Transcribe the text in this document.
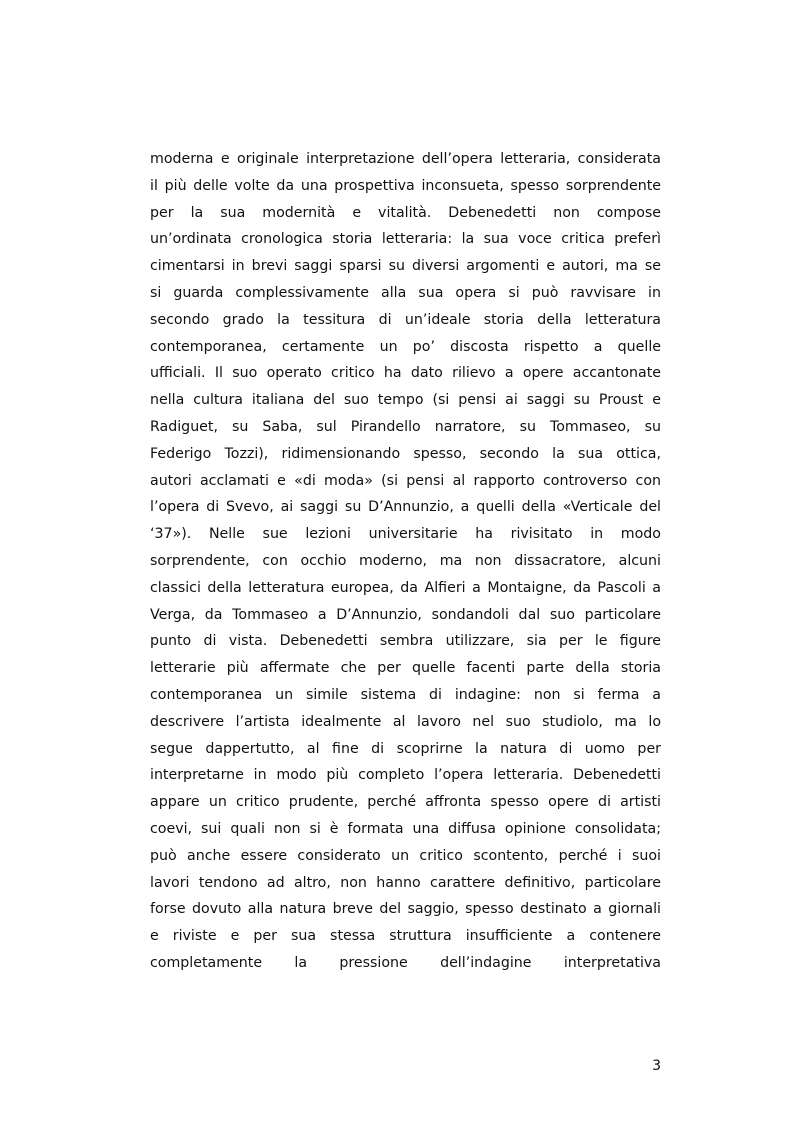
moderna e originale interpretazione dell’opera letteraria, considerata
il più delle volte da una prospettiva inconsueta, spesso sorprendente
per la sua modernità e vitalità. Debenedetti non compose
un’ordinata cronologica storia letteraria: la sua voce critica preferì
cimentarsi in brevi saggi sparsi su diversi argomenti e autori, ma se
si guarda complessivamente alla sua opera si può ravvisare in
secondo grado la tessitura di un’ideale storia della letteratura
contemporanea, certamente un po’ discosta rispetto a quelle
ufficiali. Il suo operato critico ha dato rilievo a opere accantonate
nella cultura italiana del suo tempo (si pensi ai saggi su Proust e
Radiguet, su Saba, sul Pirandello narratore, su Tommaseo, su
Federigo Tozzi), ridimensionando spesso, secondo la sua ottica,
autori acclamati e «di moda» (si pensi al rapporto controverso con
l’opera di Svevo, ai saggi su D’Annunzio, a quelli della «Verticale del
‘37»). Nelle sue lezioni universitarie ha rivisitato in modo
sorprendente, con occhio moderno, ma non dissacratore, alcuni
classici della letteratura europea, da Alfieri a Montaigne, da Pascoli a
Verga, da Tommaseo a D’Annunzio, sondandoli dal suo particolare
punto di vista. Debenedetti sembra utilizzare, sia per le figure
letterarie più affermate che per quelle facenti parte della storia
contemporanea un simile sistema di indagine: non si ferma a
descrivere l’artista idealmente al lavoro nel suo studiolo, ma lo
segue dappertutto, al fine di scoprirne la natura di uomo per
interpretarne in modo più completo l’opera letteraria. Debenedetti
appare un critico prudente, perché affronta spesso opere di artisti
coevi, sui quali non si è formata una diffusa opinione consolidata;
può anche essere considerato un critico scontento, perché i suoi
lavori tendono ad altro, non hanno carattere definitivo, particolare
forse dovuto alla natura breve del saggio, spesso destinato a giornali
e riviste e per sua stessa struttura insufficiente a contenere
completamente la pressione dell’indagine interpretativa
3
